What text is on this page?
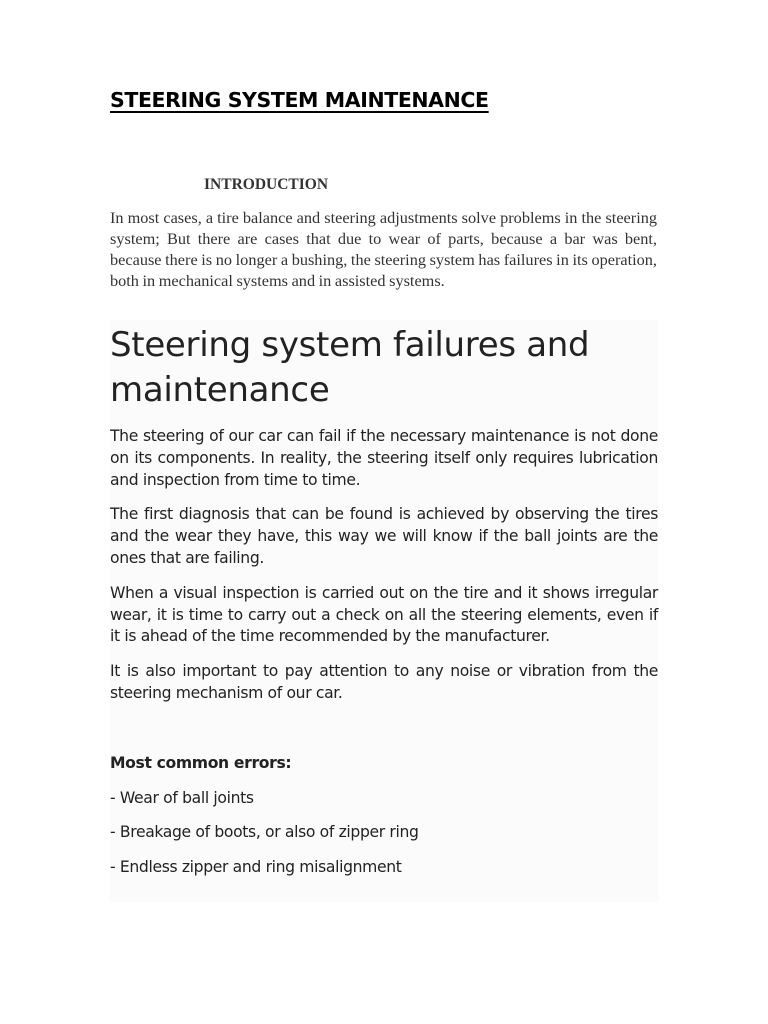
STEERING SYSTEM MAINTENANCE
INTRODUCTION

In most cases, a tire balance and steering adjustments solve problems in the steering system; But there are cases that due to wear of parts, because a bar was bent, because there is no longer a bushing, the steering system has failures in its operation, both in mechanical systems and in assisted systems.

Steering system failures and maintenance

The steering of our car can fail if the necessary maintenance is not done on its components. In reality, the steering itself only requires lubrication and inspection from time to time.

The first diagnosis that can be found is achieved by observing the tires and the wear they have, this way we will know if the ball joints are the ones that are failing.

When a visual inspection is carried out on the tire and it shows irregular wear, it is time to carry out a check on all the steering elements, even if it is ahead of the time recommended by the manufacturer.

It is also important to pay attention to any noise or vibration from the steering mechanism of our car.

Most common errors:

- Wear of ball joints

- Breakage of boots, or also of zipper ring

- Endless zipper and ring misalignment
